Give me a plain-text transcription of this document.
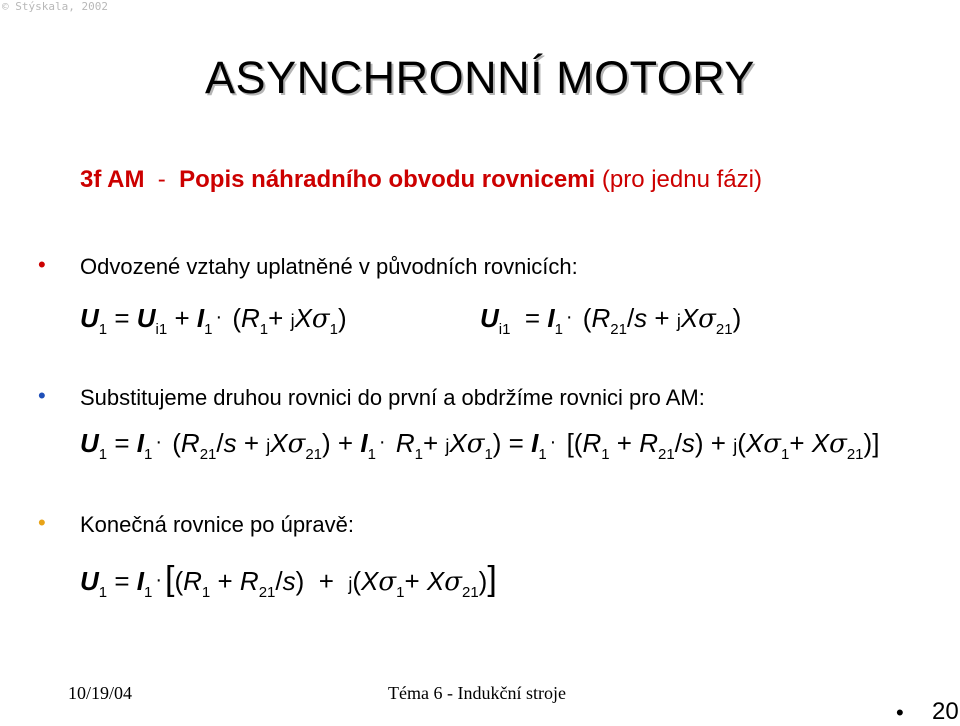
© Stýskala, 2002
ASYNCHRONNÍ MOTORY
3f AM - Popis náhradního obvodu rovnicemi (pro jednu fázi)
• Odvozené vztahy uplatněné v původních rovnicích:
$U_1 = U_{i1} + I_1\cdot (R_1+ jX\sigma_1)$	$U_{i1} = I_1\cdot (R_{21}/s + jX\sigma_{21})$
• Substitujeme druhou rovnici do první a obdržíme rovnici pro AM:
$U_1 = I_1\cdot (R_{21}/s + jX\sigma_{21}) + I_1\cdot R_1+ jX\sigma_1) = I_1\cdot [(R_1 + R_{21}/s) + j(X\sigma_1+ X\sigma_{21})]$
• Konečná rovnice po úpravě:
$U_1 = I_1\cdot[(R_1 + R_{21}/s) + j(X\sigma_1+ X\sigma_{21})]$
10/19/04	Téma 6 - Indukční stroje
• 20
